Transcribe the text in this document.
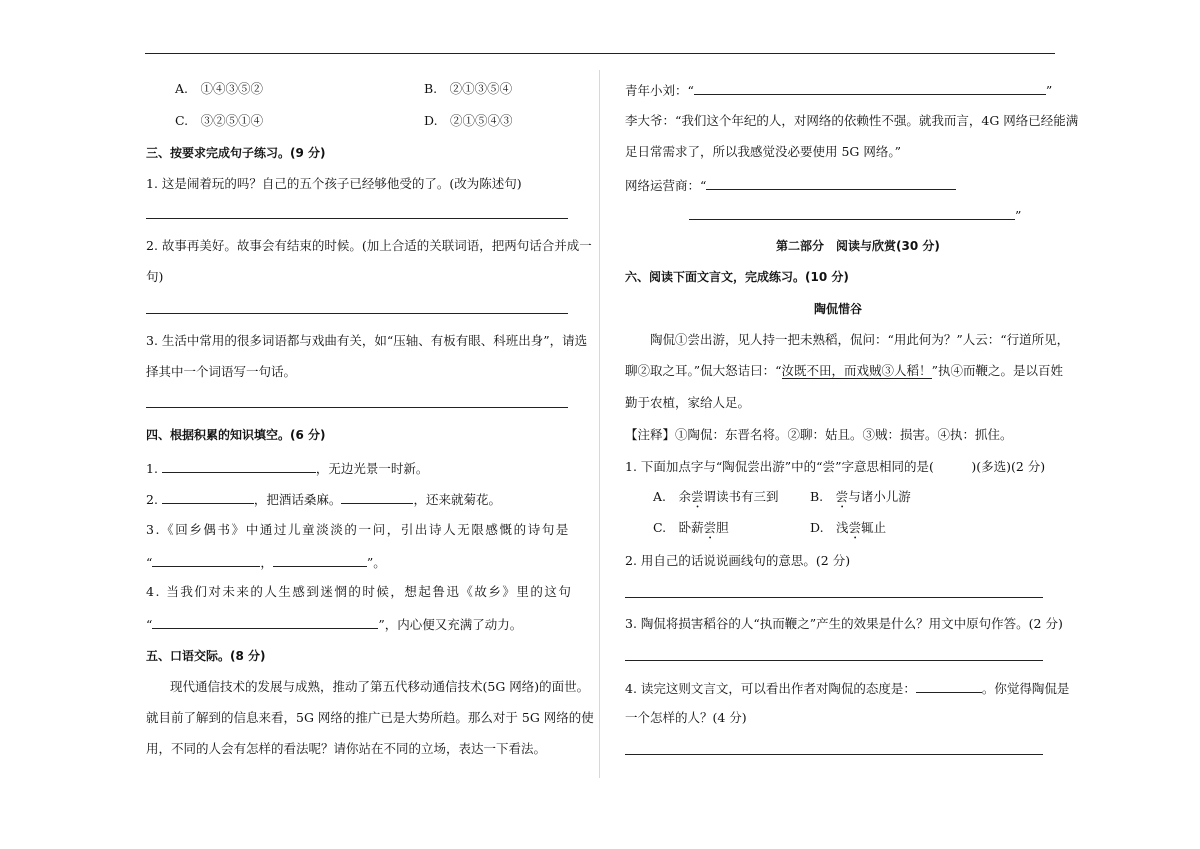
A.　①④③⑤②	B.　②①③⑤④
C.　③②⑤①④	D.　②①⑤④③
三、按要求完成句子练习。(9 分)
1. 这是闹着玩的吗？自己的五个孩子已经够他受的了。(改为陈述句)
2. 故事再美好。故事会有结束的时候。(加上合适的关联词语，把两句话合并成一
句)
3. 生活中常用的很多词语都与戏曲有关，如“压轴、有板有眼、科班出身”，请选
择其中一个词语写一句话。
四、根据积累的知识填空。(6 分)
1.	，无边光景一时新。
2.	，把酒话桑麻。	，还来就菊花。
3.《回乡偶书》中通过儿童淡淡的一问，引出诗人无限感慨的诗句是
“	，	”。
4. 当我们对未来的人生感到迷惘的时候，想起鲁迅《故乡》里的这句
“	”，内心便又充满了动力。
五、口语交际。(8 分)
现代通信技术的发展与成熟，推动了第五代移动通信技术(5G 网络)的面世。
就目前了解到的信息来看，5G 网络的推广已是大势所趋。那么对于 5G 网络的使
用，不同的人会有怎样的看法呢？请你站在不同的立场，表达一下看法。
青年小刘：“	”
李大爷：“我们这个年纪的人，对网络的依赖性不强。就我而言，4G 网络已经能满
足日常需求了，所以我感觉没必要使用 5G 网络。”
网络运营商：“
”
第二部分　阅读与欣赏(30 分)
六、阅读下面文言文，完成练习。(10 分)
陶侃惜谷
陶侃①尝出游，见人持一把未熟稻，侃问：“用此何为？”人云：“行道所见，
聊②取之耳。”侃大怒诘曰：“汝既不田，而戏贼③人稻！”执④而鞭之。是以百姓
勤于农植，家给人足。
【注释】①陶侃：东晋名将。②聊：姑且。③贼：损害。④执：抓住。
1. 下面加点字与“陶侃尝出游”中的“尝”字意思相同的是(　　　)(多选)(2 分)
A.　余尝谓读书有三到	B.　尝与诸小儿游
C.　卧薪尝胆	D.　浅尝辄止
2. 用自己的话说说画线句的意思。(2 分)
3. 陶侃将损害稻谷的人“执而鞭之”产生的效果是什么？用文中原句作答。(2 分)
4. 读完这则文言文，可以看出作者对陶侃的态度是：	。你觉得陶侃是
一个怎样的人？(4 分)
